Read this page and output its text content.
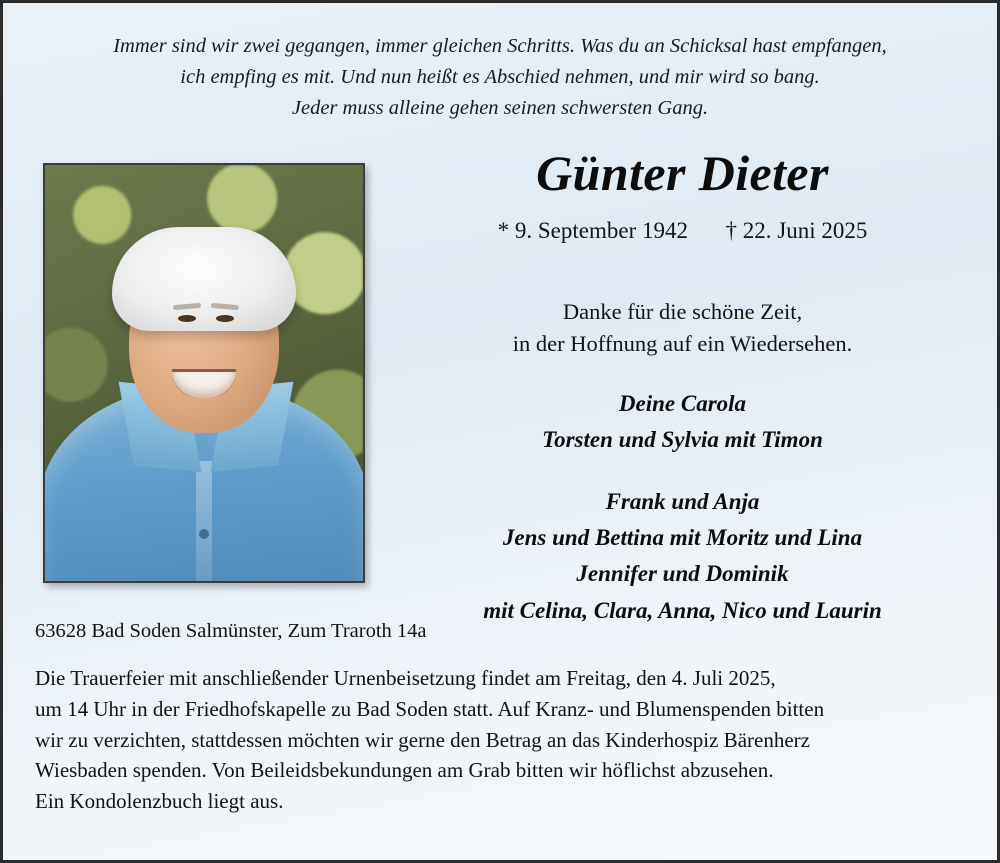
Immer sind wir zwei gegangen, immer gleichen Schritts. Was du an Schicksal hast empfangen,
ich empfing es mit. Und nun heißt es Abschied nehmen, und mir wird so bang.
Jeder muss alleine gehen seinen schwersten Gang.
Günter Dieter
* 9. September 1942 † 22. Juni 2025
Danke für die schöne Zeit,
in der Hoffnung auf ein Wiedersehen.
Deine Carola
Torsten und Sylvia mit Timon
Frank und Anja
Jens und Bettina mit Moritz und Lina
Jennifer und Dominik
mit Celina, Clara, Anna, Nico und Laurin
63628 Bad Soden Salmünster, Zum Traroth 14a
Die Trauerfeier mit anschließender Urnenbeisetzung findet am Freitag, den 4. Juli 2025,
um 14 Uhr in der Friedhofskapelle zu Bad Soden statt. Auf Kranz- und Blumenspenden bitten
wir zu verzichten, stattdessen möchten wir gerne den Betrag an das Kinderhospiz Bärenherz
Wiesbaden spenden. Von Beileidsbekundungen am Grab bitten wir höflichst abzusehen.
Ein Kondolenzbuch liegt aus.
